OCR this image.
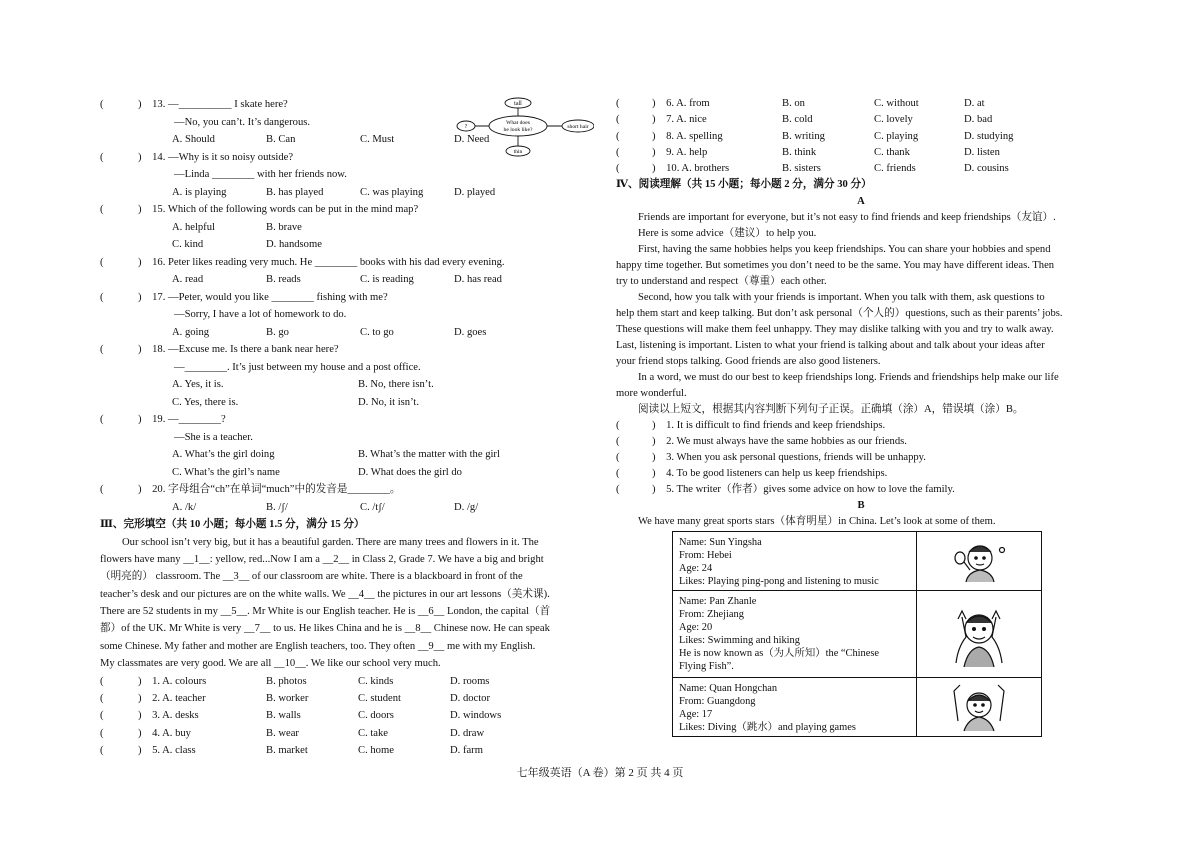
(	)　13. —__________ I skate here?
—No, you can’t. It’s dangerous.
A. Should	B. Can	C. Must	D. Need
(	)　14. —Why is it so noisy outside?
—Linda ________ with her friends now.
A. is playing	B. has played	C. was playing	D. played
(	)　15. Which of the following words can be put in the mind map?
A. helpful	B. brave
C. kind	D. handsome
(	)　16. Peter likes reading very much. He ________ books with his dad every evening.
A. read	B. reads	C. is reading	D. has read
(	)　17. —Peter, would you like ________ fishing with me?
—Sorry, I have a lot of homework to do.
A. going	B. go	C. to go	D. goes
(	)　18. —Excuse me. Is there a bank near here?
—________. It’s just between my house and a post office.
A. Yes, it is.	B. No, there isn’t.
C. Yes, there is.	D. No, it isn’t.
(	)　19. —________?
—She is a teacher.
A. What’s the girl doing	B. What’s the matter with the girl
C. What’s the girl’s name	D. What does the girl do
(	)　20. 字母组合“ch”在单词“much”中的发音是________。
A. /k/	B. /ʃ/	C. /tʃ/	D. /g/
Ⅲ、完形填空（共 10 小题；每小题 1.5 分，满分 15 分）
Our school isn’t very big, but it has a beautiful garden. There are many trees and flowers in it. The
flowers have many __1__: yellow, red...Now I am a __2__ in Class 2, Grade 7. We have a big and bright
（明亮的） classroom. The __3__ of our classroom are white. There is a blackboard in front of the
teacher’s desk and our pictures are on the white walls. We __4__ the pictures in our art lessons（美术课).
There are 52 students in my __5__. Mr White is our English teacher. He is __6__ London, the capital（首
都）of the UK. Mr White is very __7__ to us. He likes China and he is __8__ Chinese now. He can speak
some Chinese. My father and mother are English teachers, too. They often __9__ me with my English.
My classmates are very good. We are all __10__. We like our school very much.
(	)　1. A. colours	B. photos	C. kinds	D. rooms
(	)　2. A. teacher	B. worker	C. student	D. doctor
(	)　3. A. desks	B. walls	C. doors	D. windows
(	)　4. A. buy	B. wear	C. take	D. draw
(	)　5. A. class	B. market	C. home	D. farm
tall
What does
he look like?
?	short hair
thin
(	)　6. A. from	B. on	C. without	D. at
(	)　7. A. nice	B. cold	C. lovely	D. bad
(	)　8. A. spelling	B. writing	C. playing	D. studying
(	)　9. A. help	B. think	C. thank	D. listen
(	)　10. A. brothers	B. sisters	C. friends	D. cousins
Ⅳ、阅读理解（共 15 小题；每小题 2 分，满分 30 分）
A
Friends are important for everyone, but it’s not easy to find friends and keep friendships（友谊）.
Here is some advice（建议）to help you.
First, having the same hobbies helps you keep friendships. You can share your hobbies and spend
happy time together. But sometimes you don’t need to be the same. You may have different ideas. Then
try to understand and respect（尊重）each other.
Second, how you talk with your friends is important. When you talk with them, ask questions to
help them start and keep talking. But don’t ask personal（个人的）questions, such as their parents’ jobs.
These questions will make them feel unhappy. They may dislike talking with you and try to walk away.
Last, listening is important. Listen to what your friend is talking about and talk about your ideas after
your friend stops talking. Good friends are also good listeners.
In a word, we must do our best to keep friendships long. Friends and friendships help make our life
more wonderful.
阅读以上短文，根据其内容判断下列句子正误。正确填（涂）A，错误填（涂）B。
(	)　1. It is difficult to find friends and keep friendships.
(	)　2. We must always have the same hobbies as our friends.
(	)　3. When you ask personal questions, friends will be unhappy.
(	)　4. To be good listeners can help us keep friendships.
(	)　5. The writer（作者）gives some advice on how to love the family.
B
We have many great sports stars（体育明星）in China. Let’s look at some of them.
Name: Sun Yingsha
From: Hebei
Age: 24
Likes: Playing ping-pong and listening to music
Name: Pan Zhanle
From: Zhejiang
Age: 20
Likes: Swimming and hiking
He is now known as（为人所知）the “Chinese
Flying Fish”.
Name: Quan Hongchan
From: Guangdong
Age: 17
Likes: Diving（跳水）and playing games
七年级英语（A 卷）第 2 页 共 4 页
